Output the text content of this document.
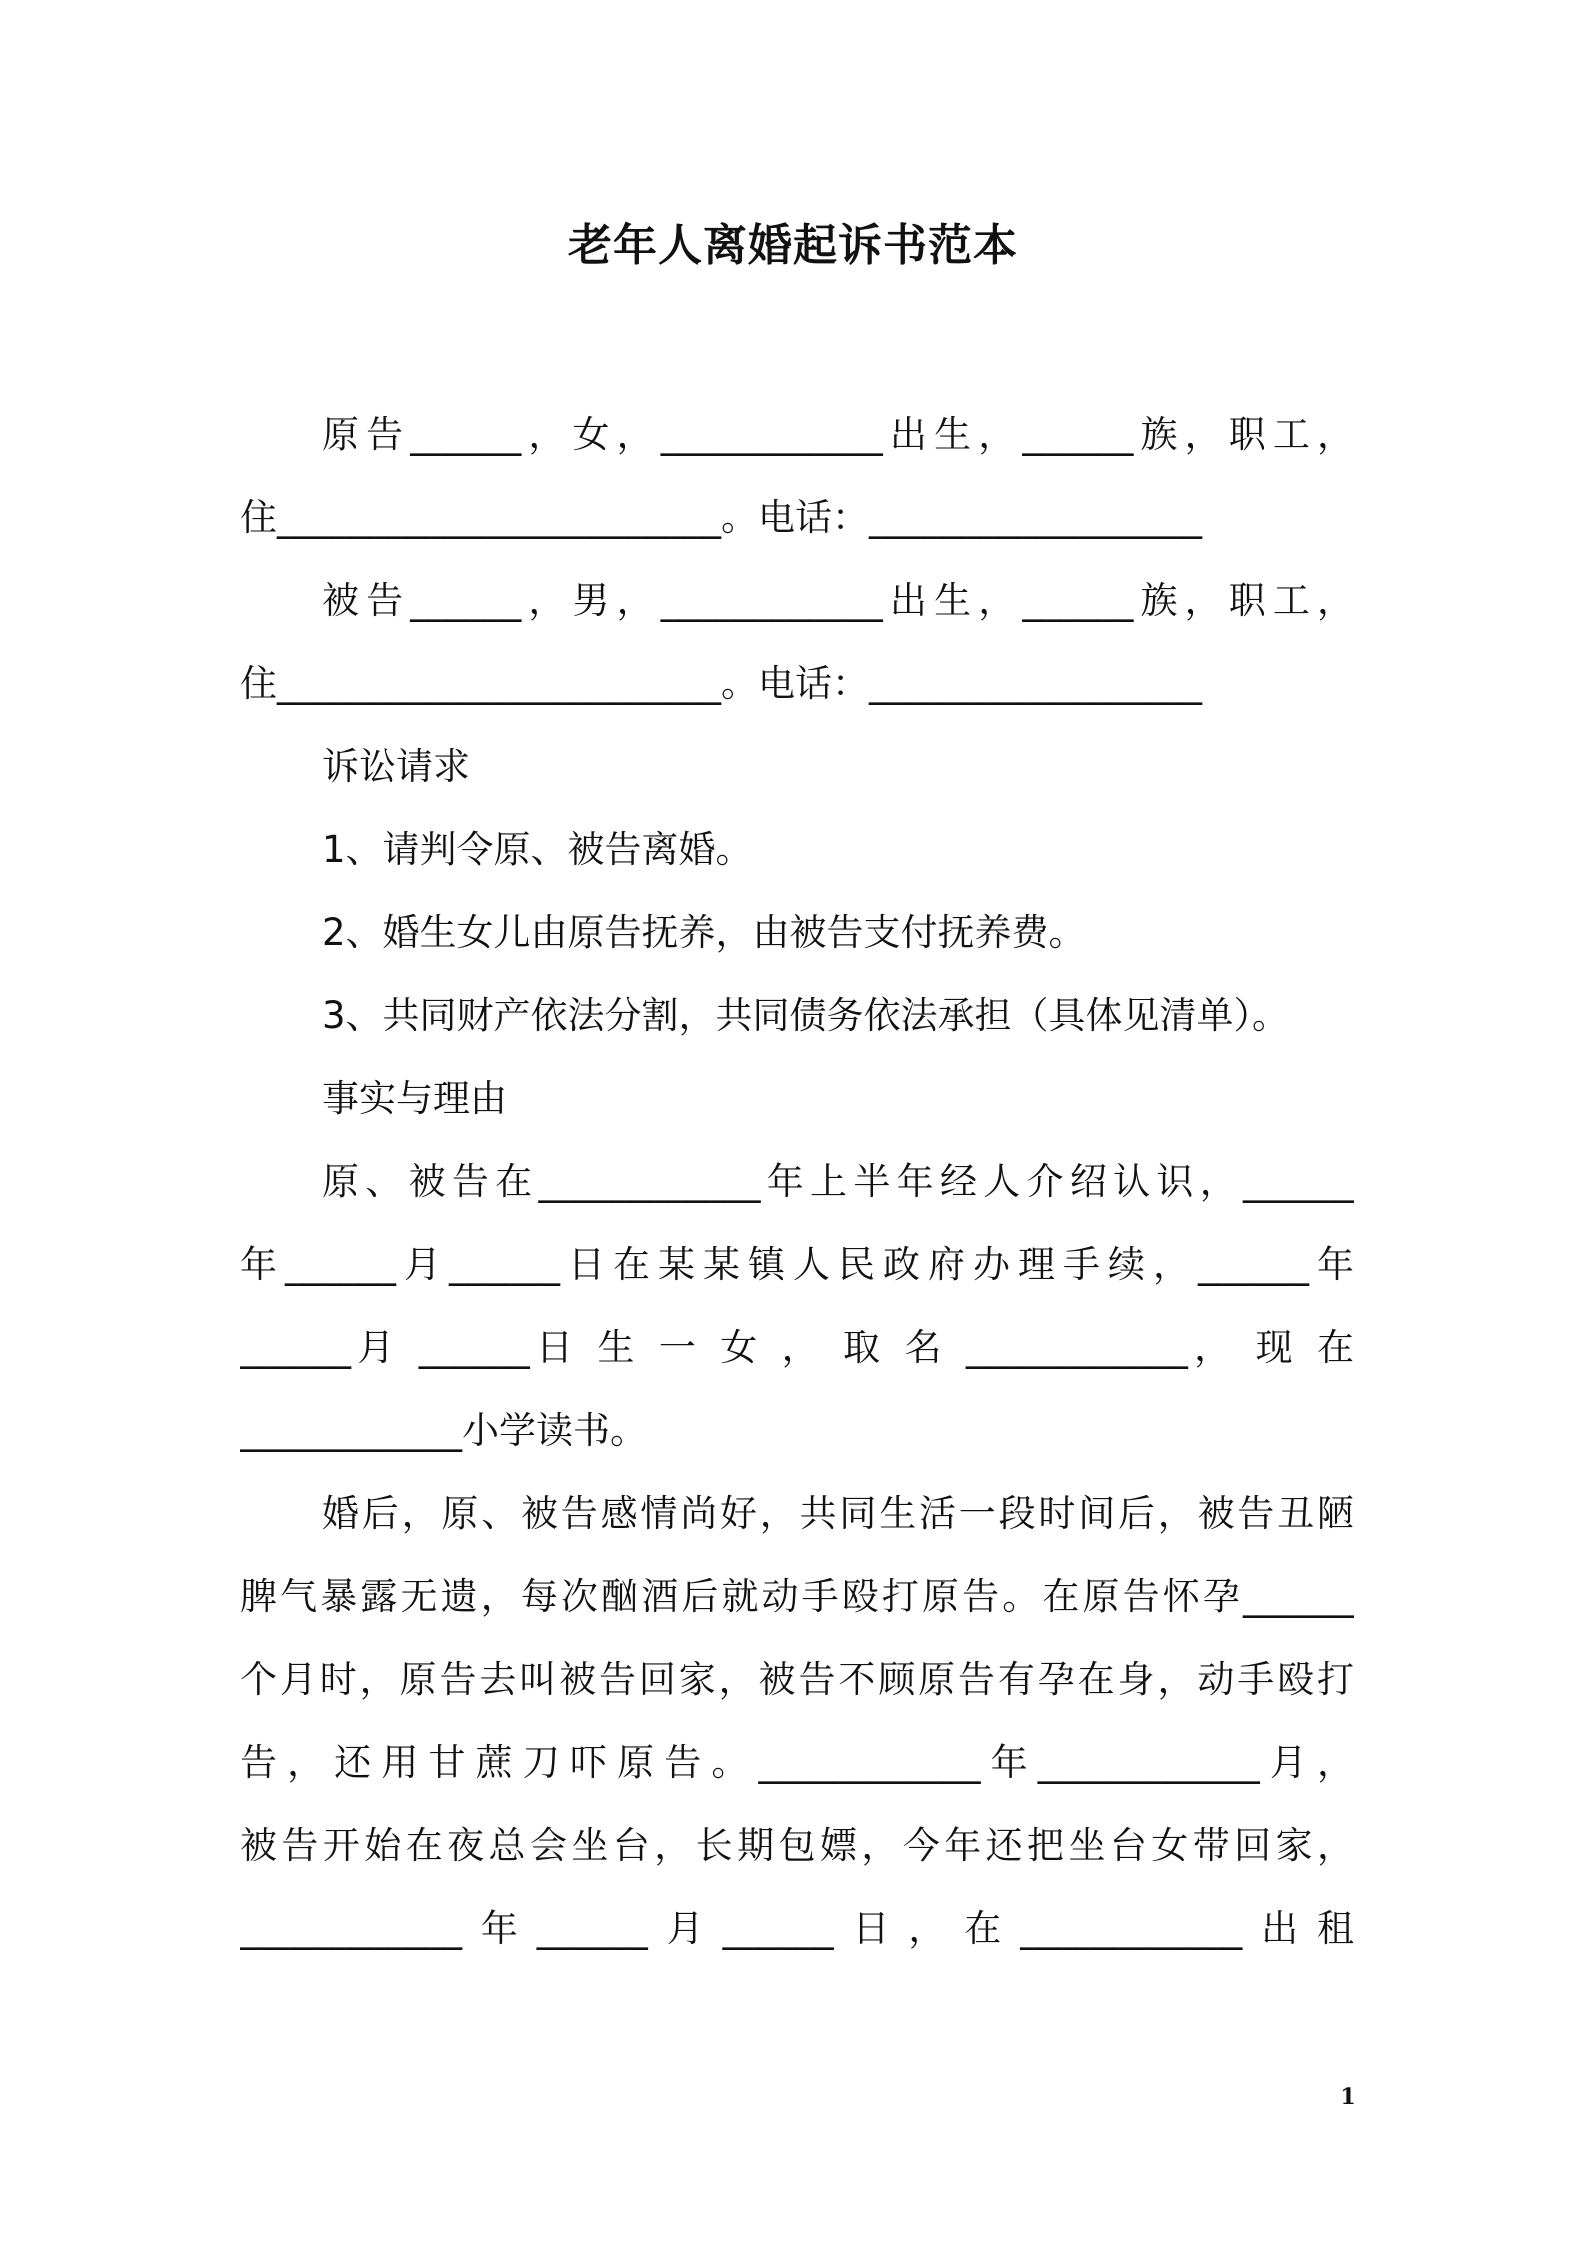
老年人离婚起诉书范本
原告______，女，____________出生，______族，职工，
住________________________。电话：__________________
被告______，男，____________出生，______族，职工，
住________________________。电话：__________________
诉讼请求
1、请判令原、被告离婚。
2、婚生女儿由原告抚养，由被告支付抚养费。
3、共同财产依法分割，共同债务依法承担（具体见清单）。
事实与理由
原、被告在____________年上半年经人介绍认识，______
年______月______日在某某镇人民政府办理手续，______年
______月 ______日 生 一 女 ， 取 名 ____________， 现 在
____________小学读书。
婚后，原、被告感情尚好，共同生活一段时间后，被告丑陋
脾气暴露无遗，每次酗酒后就动手殴打原告。在原告怀孕______
个月时，原告去叫被告回家，被告不顾原告有孕在身，动手殴打
告，还用甘蔗刀吓原告。____________年____________月，
被告开始在夜总会坐台，长期包嫖，今年还把坐台女带回家，
____________年______月______日，在____________出租
1
